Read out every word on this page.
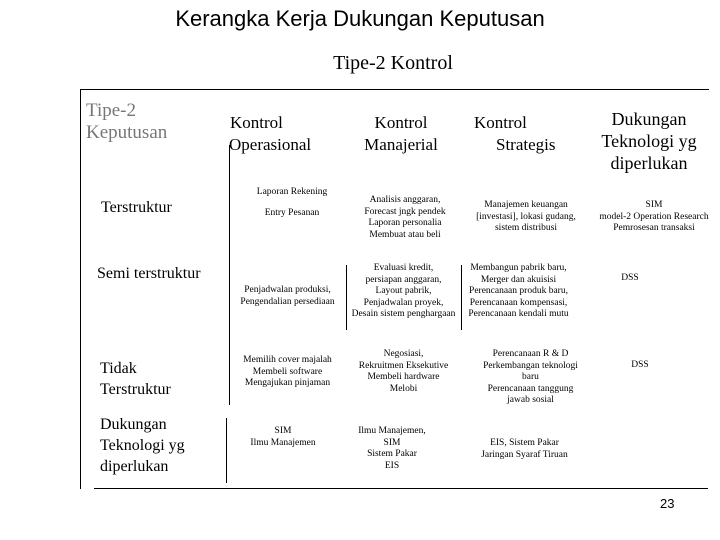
Kerangka Kerja Dukungan Keputusan
Tipe-2 Kontrol
Tipe-2
Keputusan	Kontrol
Operasional
Kontrol
Manajerial
Kontrol
Strategis
Dukungan
Teknologi yg
diperlukan
Terstruktur
Laporan Rekening
Entry Pesanan
Analisis anggaran,
Forecast jngk pendek
Laporan personalia
Membuat atau beli
Manajemen keuangan
[investasi], lokasi gudang,
sistem distribusi
SIM
model-2 Operation Research
Pemrosesan transaksi
Semi terstruktur
Penjadwalan produksi,
Pengendalian persediaan
Evaluasi kredit,
persiapan anggaran,
Layout pabrik,
Penjadwalan proyek,
Desain sistem penghargaan
Membangun pabrik baru,
Merger dan akuisisi
Perencanaan produk baru,
Perencanaan kompensasi,
Perencanaan kendali mutu
DSS
Tidak
Terstruktur
Memilih cover majalah
Membeli software
Mengajukan pinjaman
Negosiasi,
Rekruitmen Eksekutive
Membeli hardware
Melobi
Perencanaan R & D
Perkembangan teknologi
baru
Perencanaan tanggung
jawab sosial
DSS
Dukungan
Teknologi yg
diperlukan
SIM
Ilmu Manajemen
Ilmu Manajemen,
SIM
Sistem Pakar
EIS
EIS, Sistem Pakar
Jaringan Syaraf Tiruan
23
